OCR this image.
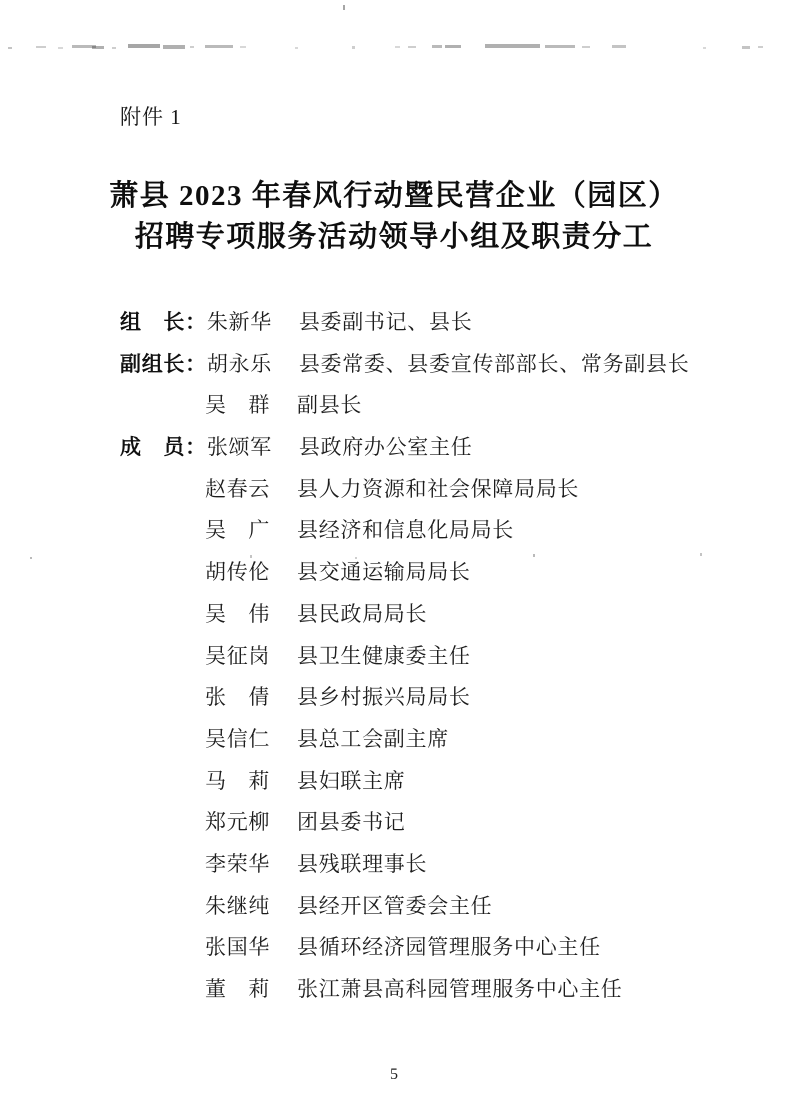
附件 1
萧县 2023 年春风行动暨民营企业（园区）
招聘专项服务活动领导小组及职责分工
组　长： 朱新华	县委副书记、县长
副组长： 胡永乐	县委常委、县委宣传部部长、常务副县长
吴　群	副县长
成　员： 张颂军	县政府办公室主任
赵春云	县人力资源和社会保障局局长
吴　广	县经济和信息化局局长
胡传伦	县交通运输局局长
吴　伟	县民政局局长
吴征岗	县卫生健康委主任
张　倩	县乡村振兴局局长
吴信仁	县总工会副主席
马　莉	县妇联主席
郑元柳	团县委书记
李荣华	县残联理事长
朱继纯	县经开区管委会主任
张国华	县循环经济园管理服务中心主任
董　莉	张江萧县高科园管理服务中心主任
5
